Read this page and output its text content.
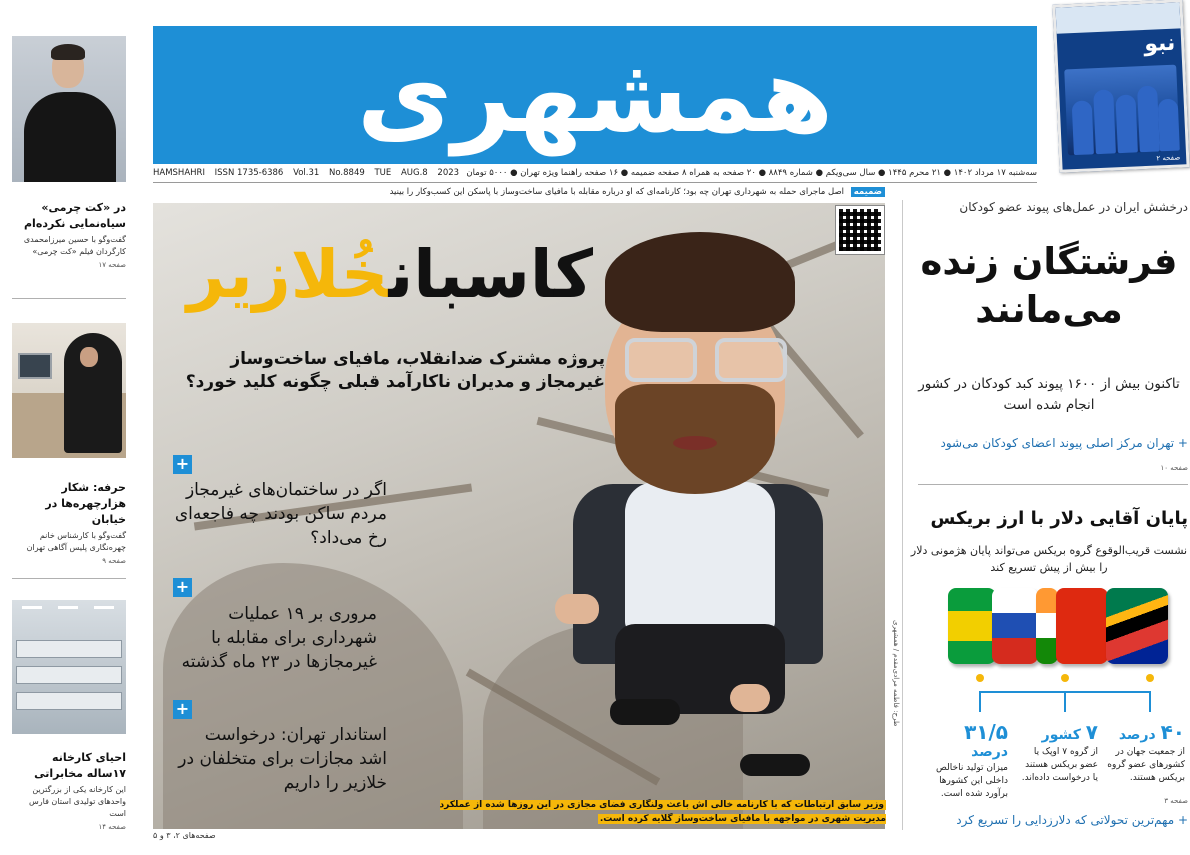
همشهری
HAMSHAHRI ISSN 1735-6386 Vol.31 No.8849 TUE AUG.8 2023 سه‌شنبه ۱۷ مرداد ۱۴۰۲ ● ۲۱ محرم ۱۴۴۵ ● سال سی‌ویکم ● شماره ۸۸۴۹ ● ۲۰ صفحه به همراه ۸ صفحه ضمیمه ● ۱۶ صفحه راهنما ویژه تهران ● ۵۰۰۰ تومان
نبو
صفحه ۲
در «کت چرمی» سیاه‌نمایی نکرده‌ام
گفت‌وگو با حسین میرزامحمدی کارگردان فیلم «کت چرمی»
صفحه ۱۷
حرفه: شکار هزارچهره‌ها در خیابان
گفت‌وگو با کارشناس خانم چهره‌نگاری پلیس آگاهی تهران
صفحه ۹
احیای کارخانه ۱۷ساله مخابراتی
این کارخانه یکی از بزرگترین واحدهای تولیدی استان فارس است
صفحه ۱۴
ضمیمه اصل ماجرای حمله به شهرداری تهران چه بود؛ کارنامه‌ای که او درباره مقابله با مافیای ساخت‌وساز با پاسکن این کسب‌وکار را بینید
کاسبانخُلازیر
پروژه مشترک ضدانقلاب، مافیای ساخت‌وساز غیرمجاز و مدیران ناکارآمد قبلی چگونه کلید خورد؟
+
اگر در ساختمان‌های غیرمجاز مردم ساکن بودند چه فاجعه‌ای رخ می‌داد؟
+
مروری بر ۱۹ عملیات شهرداری برای مقابله با غیرمجازها در ۲۳ ماه گذشته
+
استاندار تهران: درخواست اشد مجازات برای متخلفان در خلازیر را داریم
وزیر سابق ارتباطات که با کارنامه خالی اش باعث ولنگاری فضای مجازی در این روزها شده از عملکرد مدیریت شهری در مواجهه با مافیای ساخت‌وساز گلایه کرده است.
طرح: فاطمه مرادی‌مقدم / همشهری
صفحه‌های ۲، ۳ و ۵
درخشش ایران در عمل‌های پیوند عضو کودکان
فرشتگان زنده می‌مانند
تاکنون بیش از ۱۶۰۰ پیوند کبد کودکان در کشور انجام شده است
+ تهران مرکز اصلی پیوند اعضای کودکان می‌شود
صفحه ۱۰
پایان آقایی دلار با ارز بریکس
نشست قریب‌الوقوع گروه بریکس می‌تواند پایان هژمونی دلار را بیش از پیش تسریع کند
۴۰ درصد
از جمعیت جهان در کشورهای عضو گروه بریکس هستند.
۷ کشور
از گروه ۷ اوپک یا عضو بریکس هستند یا درخواست داده‌اند.
۳۱/۵ درصد
میزان تولید ناخالص داخلی این کشورها برآورد شده است.
صفحه ۳
+ مهم‌ترین تحولاتی که دلارزدایی را تسریع کرد
